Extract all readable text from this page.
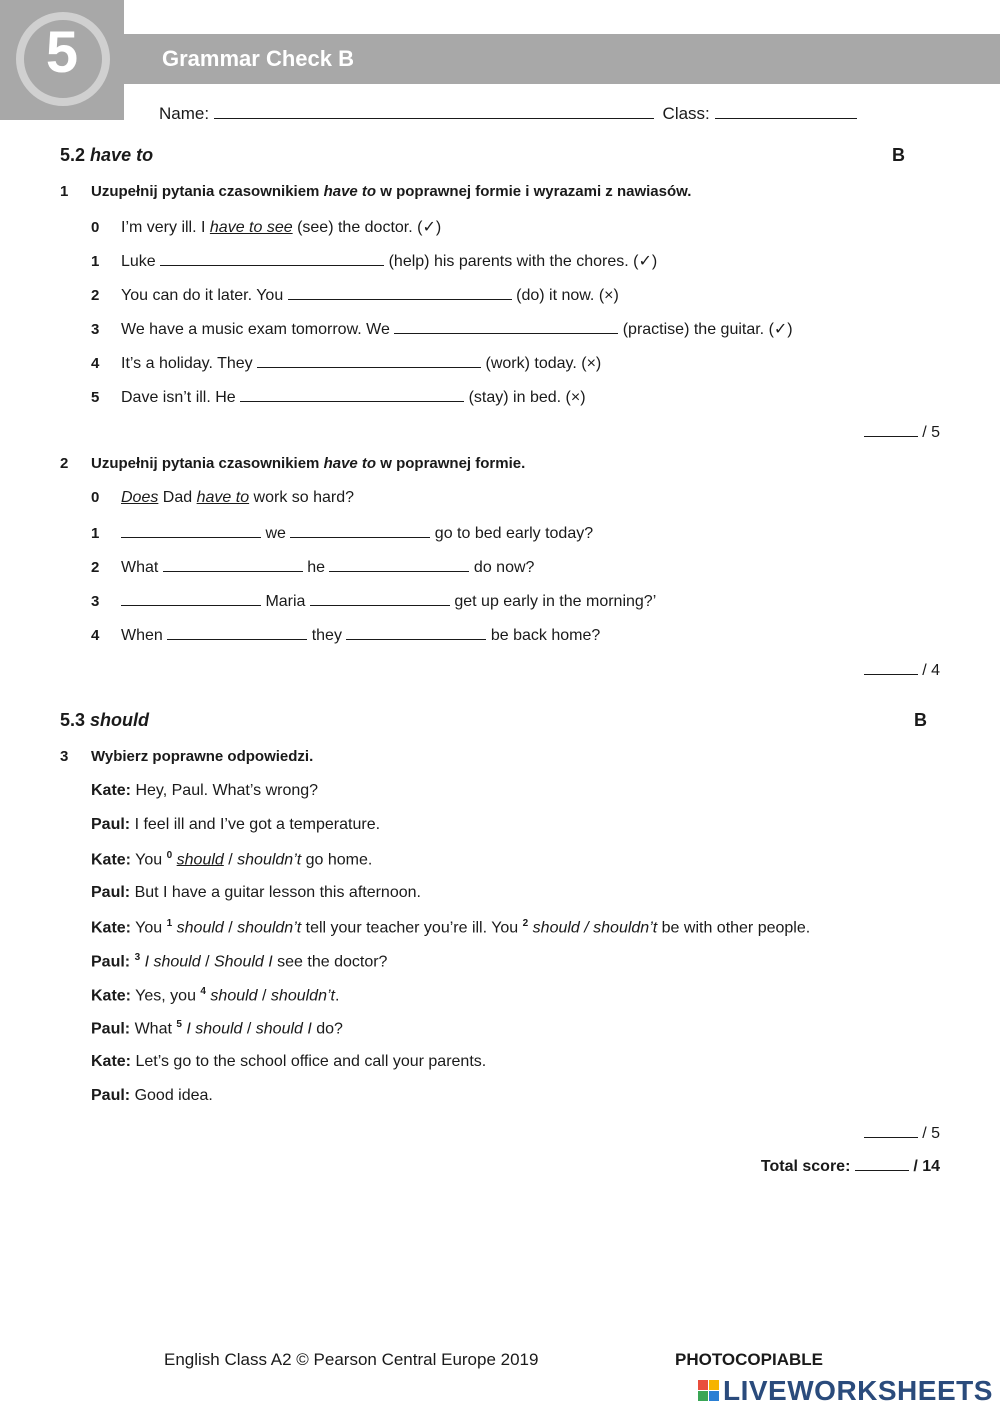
5	Grammar Check B
Name:	Class:
5.2 have to	B
1 Uzupełnij pytania czasownikiem have to w poprawnej formie i wyrazami z nawiasów.
0 I’m very ill. I have to see (see) the doctor. (✓)
1 Luke	(help) his parents with the chores. (✓)
2 You can do it later. You	(do) it now. (×)
3 We have a music exam tomorrow. We	(practise) the guitar. (✓)
4 It’s a holiday. They	(work) today. (×)
5 Dave isn’t ill. He	(stay) in bed. (×)
/ 5
2 Uzupełnij pytania czasownikiem have to w poprawnej formie.
0 Does Dad have to work so hard?
1	we	go to bed early today?
2 What	he	do now?
3	Maria	get up early in the morning?’
4 When	they	be back home?
/ 4
5.3 should	B
3 Wybierz poprawne odpowiedzi.
Kate: Hey, Paul. What’s wrong?
Paul: I feel ill and I’ve got a temperature.
Kate: You $^0$ should / shouldn’t go home.
Paul: But I have a guitar lesson this afternoon.
Kate: You $^1$ should / shouldn’t tell your teacher you’re ill. You $^2$ should / shouldn’t be with other people.
Paul: $^3$ I should / Should I see the doctor?
Kate: Yes, you $^4$ should / shouldn’t.
Paul: What $^5$ I should / should I do?
Kate: Let’s go to the school office and call your parents.
Paul: Good idea.
/ 5
Total score:	/ 14
English Class A2 © Pearson Central Europe 2019	PHOTOCOPIABLE
LIVEWORKSHEETS
